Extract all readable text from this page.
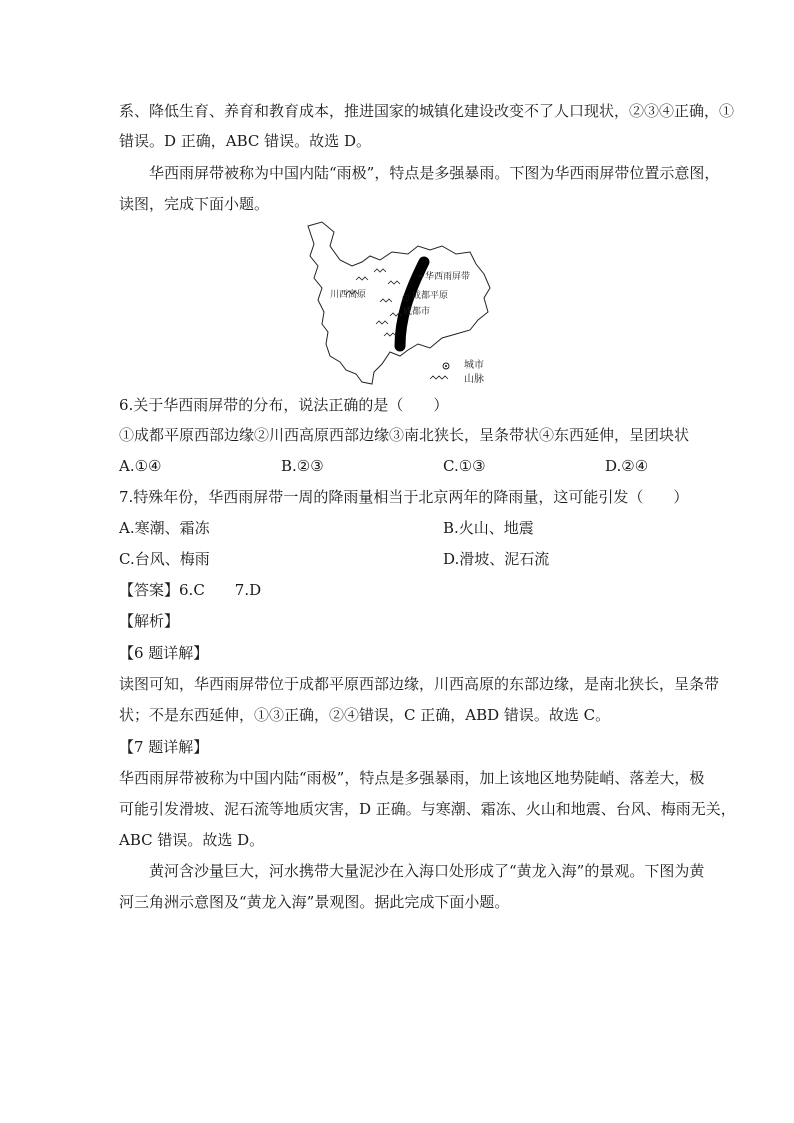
系、降低生育、养育和教育成本，推进国家的城镇化建设改变不了人口现状，②③④正确，①
错误。D 正确，ABC 错误。故选 D。
华西雨屏带被称为中国内陆“雨极”，特点是多强暴雨。下图为华西雨屏带位置示意图，
读图，完成下面小题。
华西雨屏带
川西高原	成都平原
成都市
城市
山脉
6.关于华西雨屏带的分布，说法正确的是（　　）
①成都平原西部边缘②川西高原西部边缘③南北狭长，呈条带状④东西延伸，呈团块状
A.①④	B.②③	C.①③	D.②④
7.特殊年份，华西雨屏带一周的降雨量相当于北京两年的降雨量，这可能引发（　　）
A.寒潮、霜冻	B.火山、地震
C.台风、梅雨	D.滑坡、泥石流
【答案】6.C　　7.D
【解析】
【6 题详解】
读图可知，华西雨屏带位于成都平原西部边缘，川西高原的东部边缘，是南北狭长，呈条带
状；不是东西延伸，①③正确，②④错误，C 正确，ABD 错误。故选 C。
【7 题详解】
华西雨屏带被称为中国内陆“雨极”，特点是多强暴雨，加上该地区地势陡峭、落差大，极
可能引发滑坡、泥石流等地质灾害，D 正确。与寒潮、霜冻、火山和地震、台风、梅雨无关，
ABC 错误。故选 D。
黄河含沙量巨大，河水携带大量泥沙在入海口处形成了“黄龙入海”的景观。下图为黄
河三角洲示意图及“黄龙入海”景观图。据此完成下面小题。
